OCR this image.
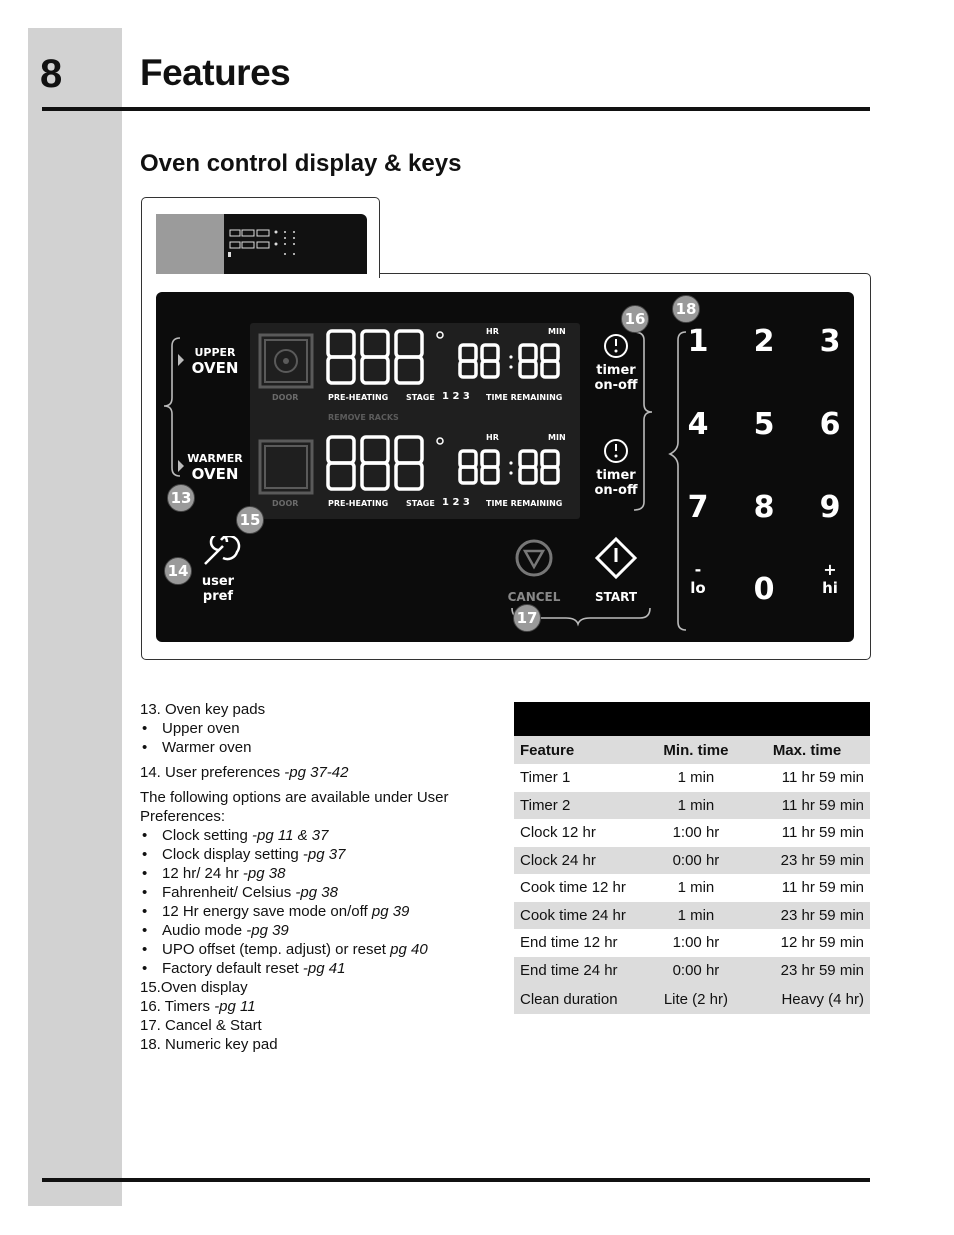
8 Features
Oven control display & keys
UPPER
OVEN
WARMER
OVEN
user
pref
HR	MIN
DOOR	PRE-HEATING STAGE 1 2 3 TIME REMAINING
REMOVE RACKS
HR	MIN
DOOR	PRE-HEATING STAGE 1 2 3 TIME REMAINING
timer
on-off
timer
on-off
CANCEL	START
1	2	3
4	5	6
7	8	9
0
-
lo
+
hi
13
14
15
16
17
18
13. Oven key pads
• Upper oven
• Warmer oven
14. User preferences -pg 37-42
The following options are available under User Preferences:
• Clock setting -pg 11 & 37
• Clock display setting -pg 37
• 12 hr/ 24 hr -pg 38
• Fahrenheit/ Celsius -pg 38
• 12 Hr energy save mode on/off pg 39
• Audio mode -pg 39
• UPO offset (temp. adjust) or reset pg 40
• Factory default reset -pg 41
15.Oven display
16. Timers -pg 11
17. Cancel & Start
18. Numeric key pad
Feature	Min. time	Max. time
Timer 1	1 min	11 hr 59 min
Timer 2	1 min	11 hr 59 min
Clock 12 hr	1:00 hr	11 hr 59 min
Clock 24 hr	0:00 hr	23 hr 59 min
Cook time 12 hr	1 min	11 hr 59 min
Cook time 24 hr	1 min	23 hr 59 min
End time 12 hr	1:00 hr	12 hr 59 min
End time 24 hr	0:00 hr	23 hr 59 min
Clean duration	Lite (2 hr)	Heavy (4 hr)
